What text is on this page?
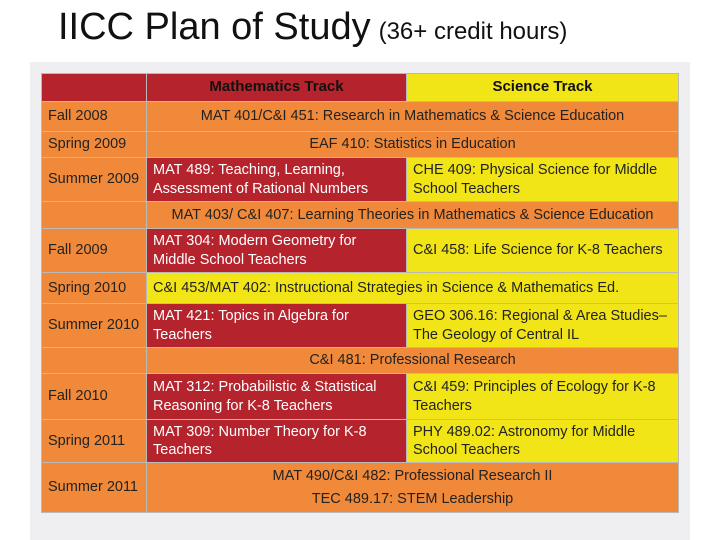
IICC Plan of Study (36+ credit hours)
	Mathematics Track	Science Track
Fall 2008	MAT 401/C&I 451: Research in Mathematics & Science Education	
Spring 2009	EAF 410: Statistics in Education	
Summer 2009	MAT 489: Teaching, Learning, Assessment of Rational Numbers	CHE 409: Physical Science for Middle School Teachers
	MAT 403/ C&I 407: Learning Theories in Mathematics & Science Education	
Fall 2009	MAT 304: Modern Geometry for Middle School Teachers	C&I 458: Life Science for K-8 Teachers
Spring 2010	C&I 453/MAT 402: Instructional Strategies in Science & Mathematics Ed.	
Summer 2010	MAT 421: Topics in Algebra for Teachers	GEO 306.16: Regional & Area Studies–The Geology of Central IL
	C&I 481: Professional Research	
Fall 2010	MAT 312: Probabilistic & Statistical Reasoning for K-8 Teachers	C&I 459: Principles of Ecology for K-8 Teachers
Spring 2011	MAT 309: Number Theory for K-8 Teachers	PHY 489.02: Astronomy for Middle School Teachers
Summer 2011	MAT 490/C&I 482: Professional Research II
TEC 489.17: STEM Leadership	
